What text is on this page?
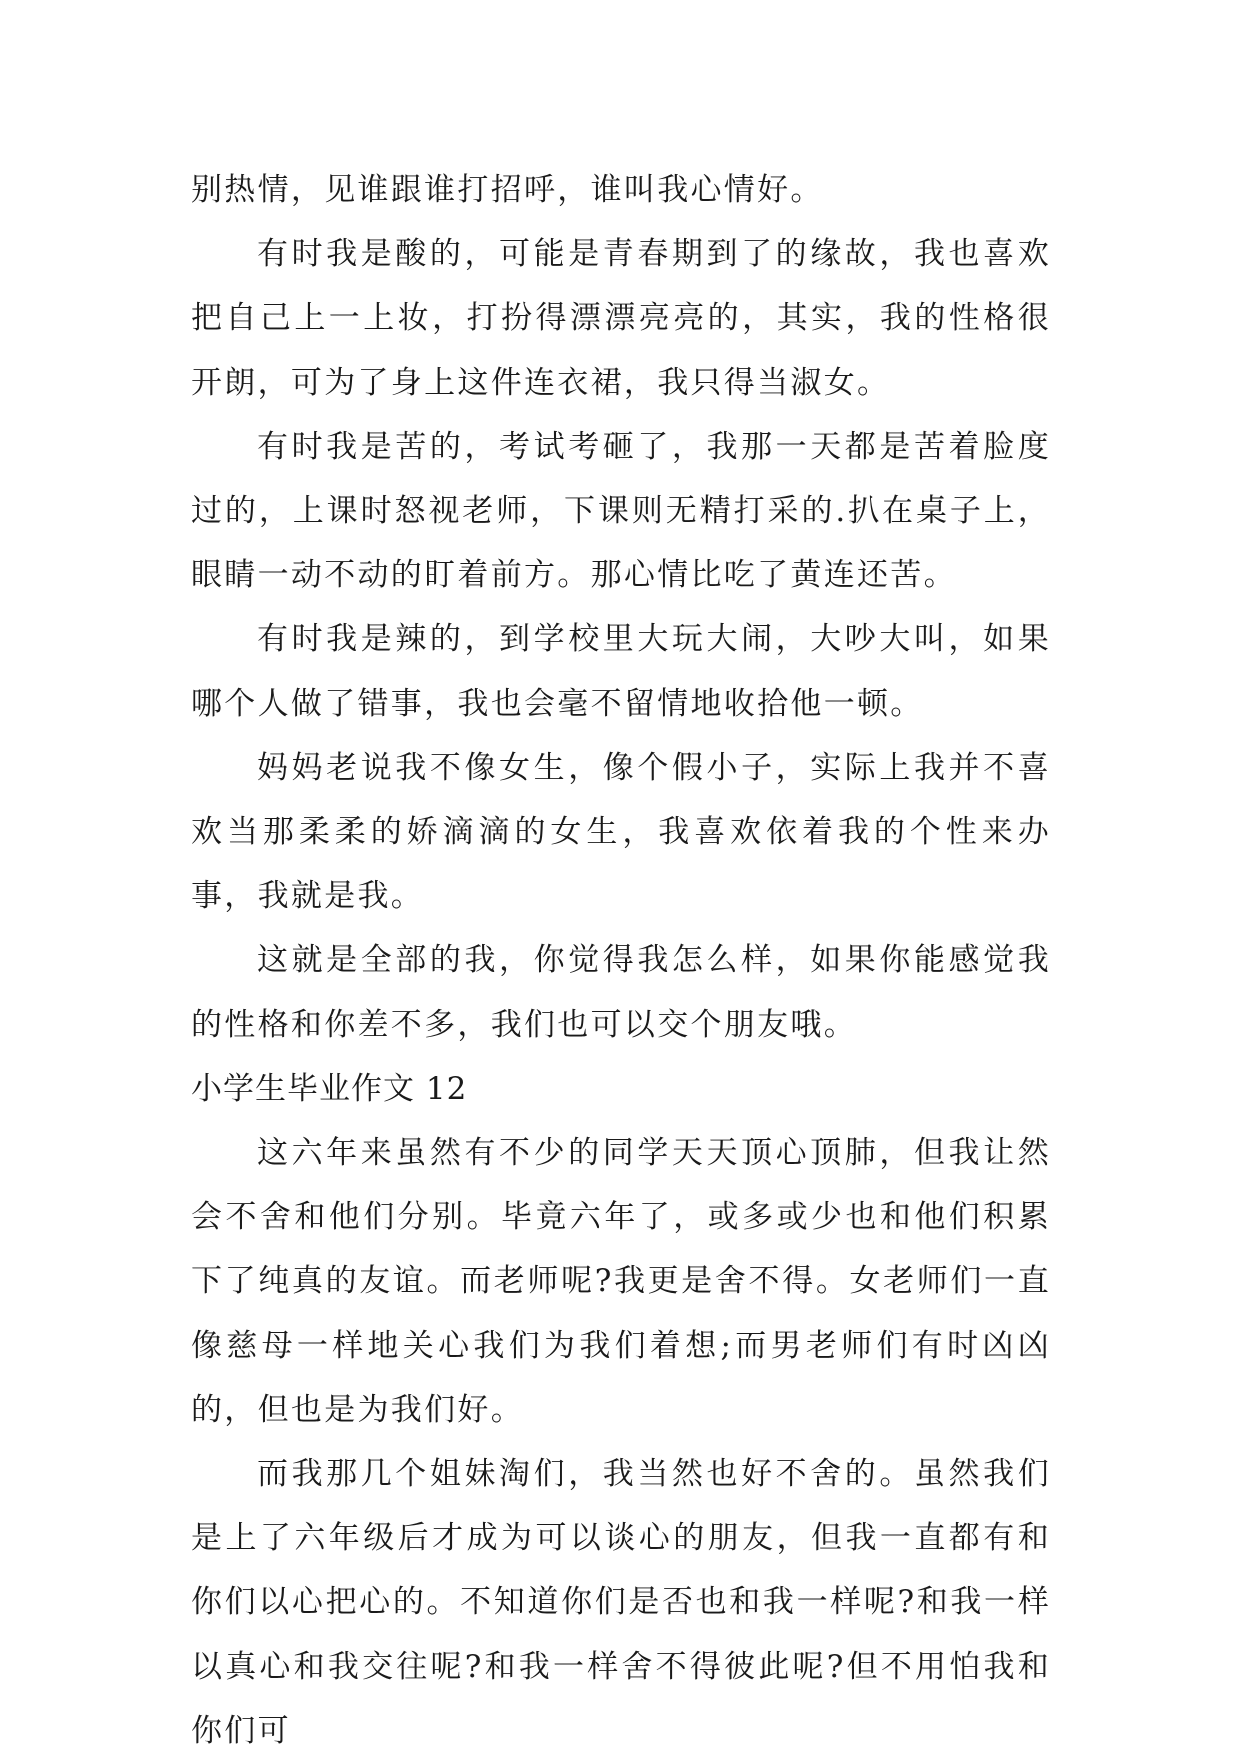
别热情，见谁跟谁打招呼，谁叫我心情好。

有时我是酸的，可能是青春期到了的缘故，我也喜欢把自己上一上妆，打扮得漂漂亮亮的，其实，我的性格很开朗，可为了身上这件连衣裙，我只得当淑女。

有时我是苦的，考试考砸了，我那一天都是苦着脸度过的，上课时怒视老师，下课则无精打采的.扒在桌子上，眼睛一动不动的盯着前方。那心情比吃了黄连还苦。

有时我是辣的，到学校里大玩大闹，大吵大叫，如果哪个人做了错事，我也会毫不留情地收拾他一顿。

妈妈老说我不像女生，像个假小子，实际上我并不喜欢当那柔柔的娇滴滴的女生，我喜欢依着我的个性来办事，我就是我。

这就是全部的我，你觉得我怎么样，如果你能感觉我的性格和你差不多，我们也可以交个朋友哦。

小学生毕业作文 12

这六年来虽然有不少的同学天天顶心顶肺，但我让然会不舍和他们分别。毕竟六年了，或多或少也和他们积累下了纯真的友谊。而老师呢?我更是舍不得。女老师们一直像慈母一样地关心我们为我们着想;而男老师们有时凶凶的，但也是为我们好。

而我那几个姐妹淘们，我当然也好不舍的。虽然我们是上了六年级后才成为可以谈心的朋友，但我一直都有和你们以心把心的。不知道你们是否也和我一样呢?和我一样以真心和我交往呢?和我一样舍不得彼此呢?但不用怕我和你们可
